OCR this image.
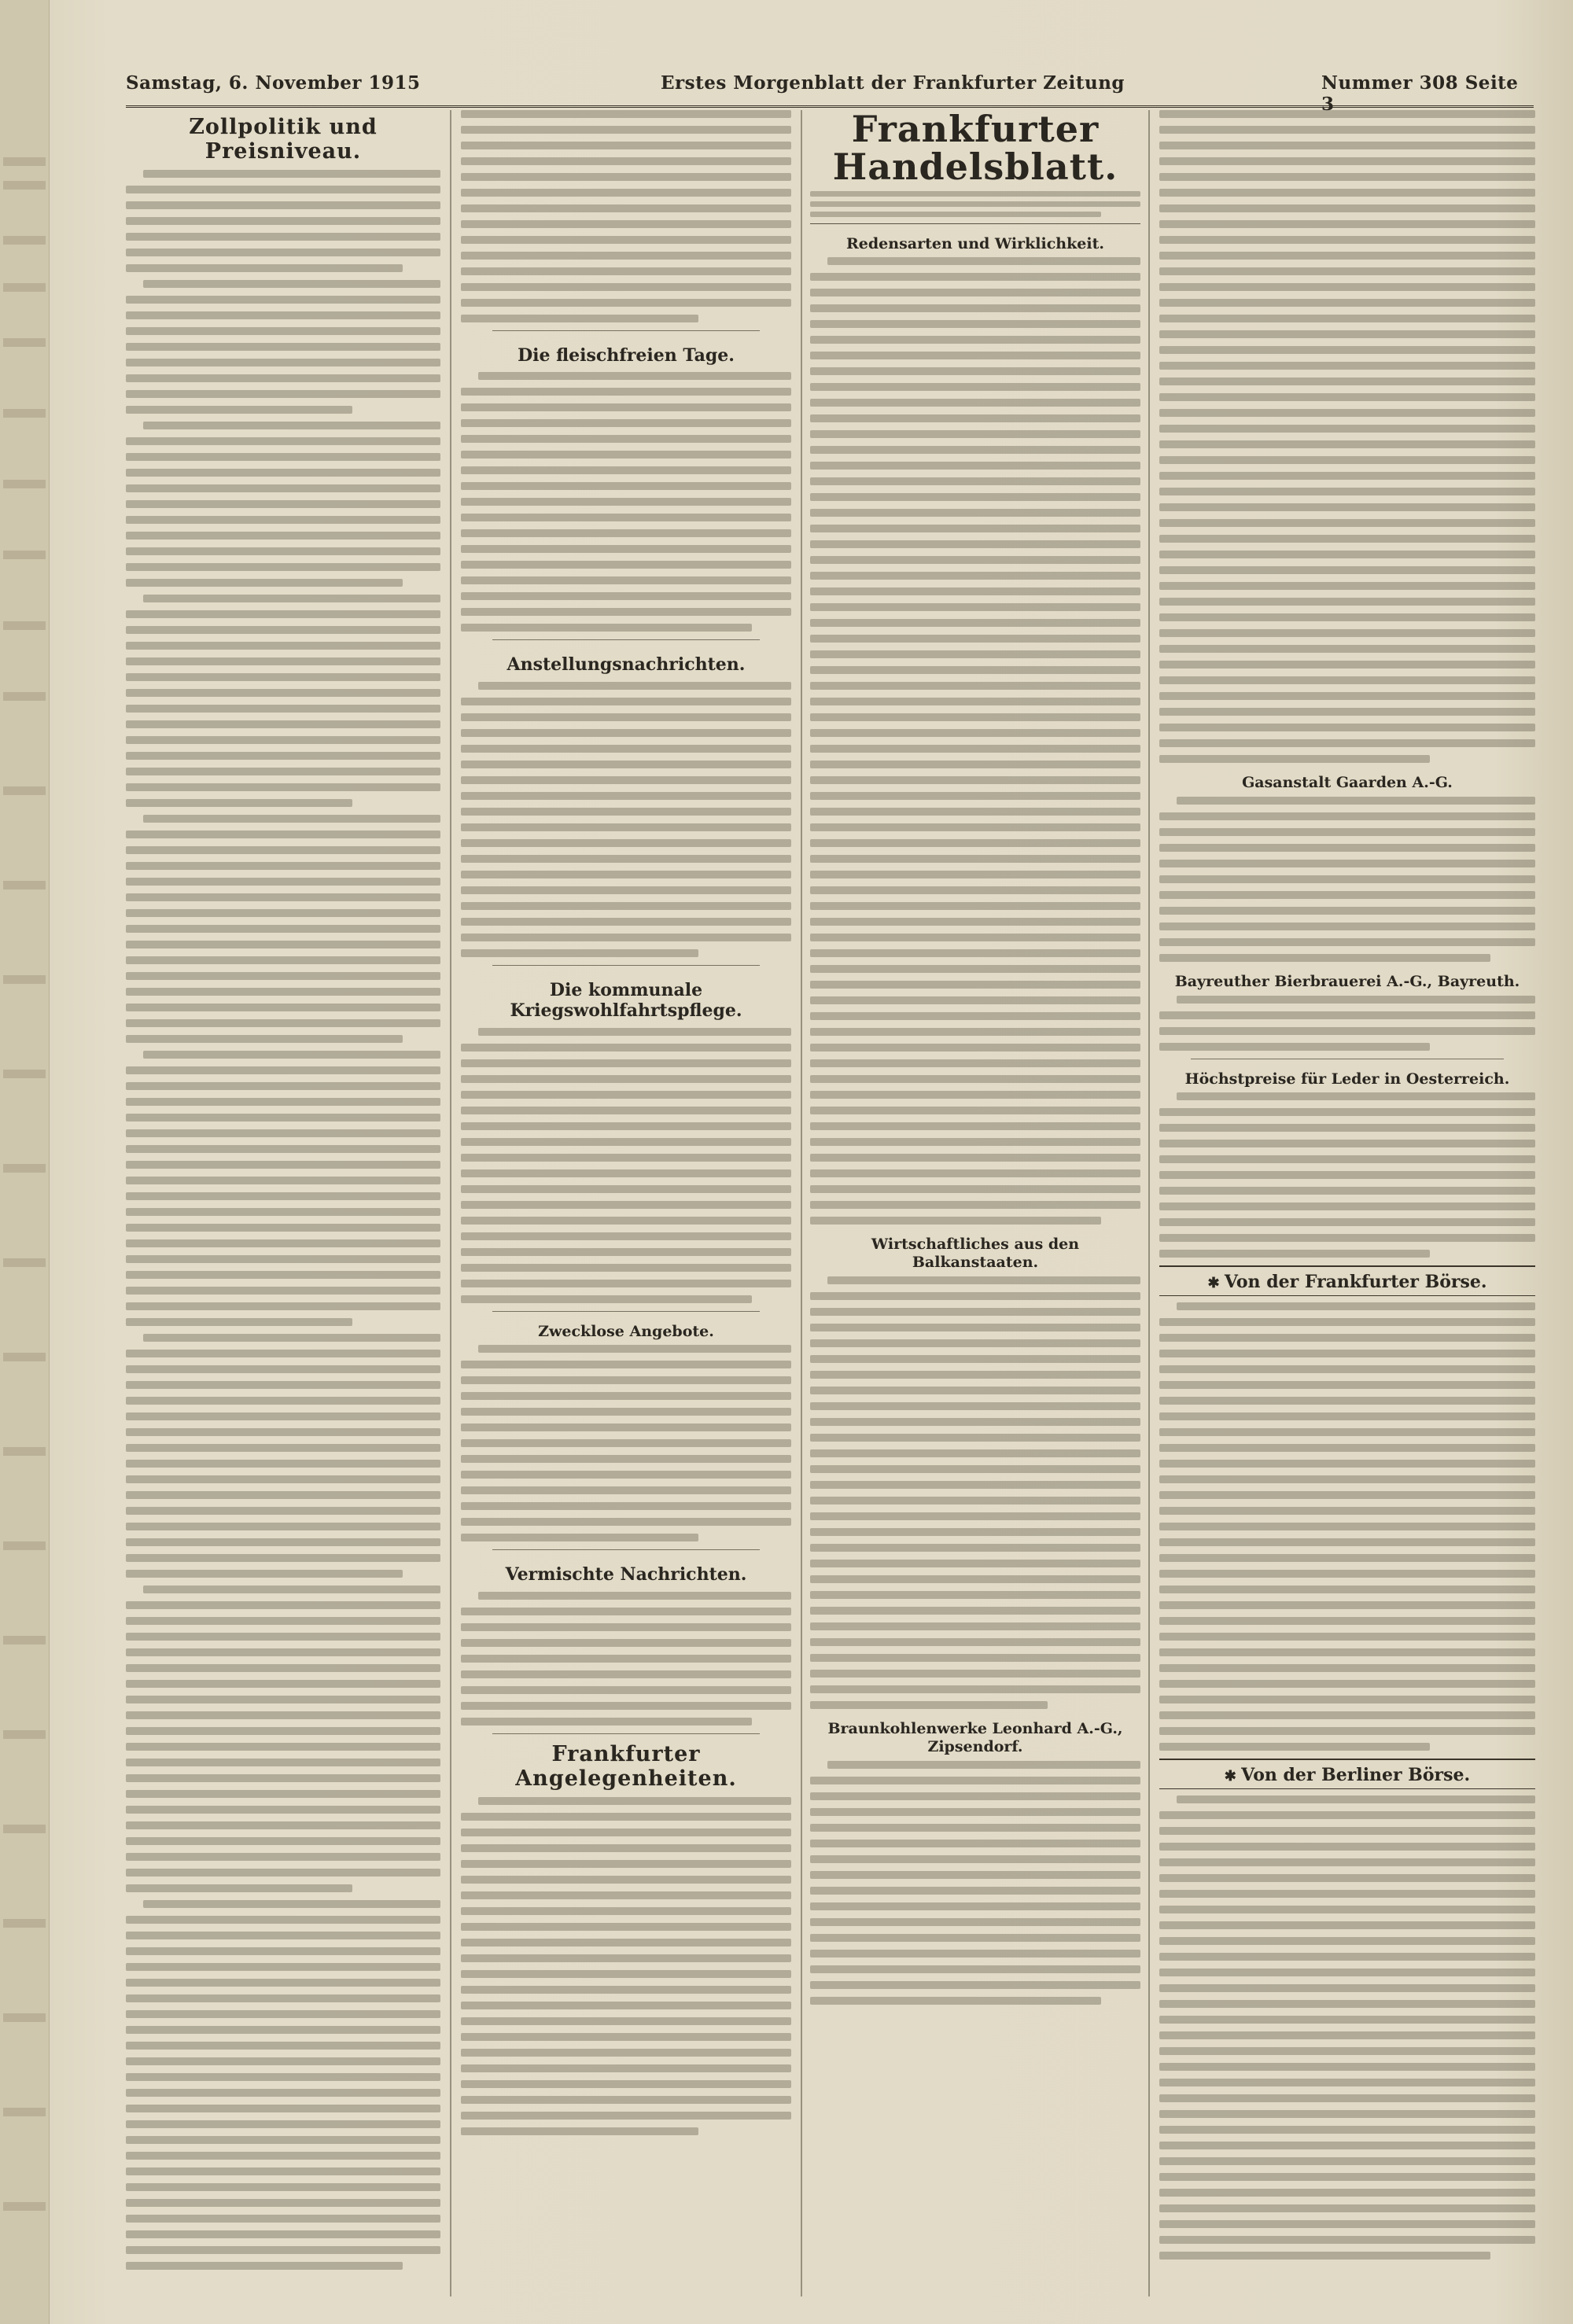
Samstag, 6. November 1915	Erstes Morgenblatt der Frankfurter Zeitung	Nummer 308 Seite 3
Zollpolitik und Preisniveau.
Die fleischfreien Tage.
Anstellungsnachrichten.
Die kommunale Kriegswohlfahrtspflege.
Zwecklose Angebote.
Vermischte Nachrichten.
Frankfurter Angelegenheiten.
Frankfurter Handelsblatt.
Redensarten und Wirklichkeit.
Wirtschaftliches aus den Balkanstaaten.
Braunkohlenwerke Leonhard A.-G., Zipsendorf.
Gasanstalt Gaarden A.-G.
Bayreuther Bierbrauerei A.-G., Bayreuth.
Höchstpreise für Leder in Oesterreich.
✱ Von der Frankfurter Börse.
✱ Von der Berliner Börse.
